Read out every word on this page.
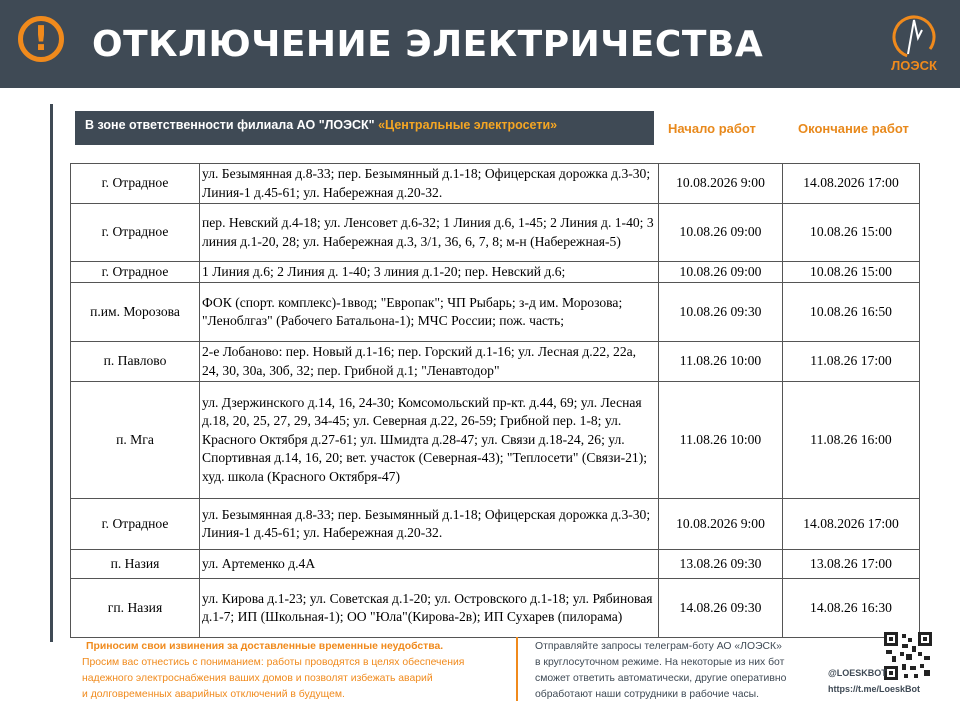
!	ОТКЛЮЧЕНИЕ ЭЛЕКТРИЧЕСТВА
ЛОЭСК
В зоне ответственности филиала АО "ЛОЭСК" «Центральные электросети»	Начало работ	Окончание работ
г. Отрадное	ул. Безымянная д.8-33; пер. Безымянный д.1-18; Офицерская дорожка д.3-30; Линия-1 д.45-61; ул. Набережная д.20-32.	10.08.2026 9:00	14.08.2026 17:00
г. Отрадное	пер. Невский д.4-18; ул. Ленсовет д.6-32; 1 Линия д.6, 1-45; 2 Линия д. 1-40; 3 линия д.1-20, 28; ул. Набережная д.3, 3/1, 36, 6, 7, 8; м-н (Набережная-5)	10.08.26 09:00	10.08.26 15:00
г. Отрадное	1 Линия д.6; 2 Линия д. 1-40; 3 линия д.1-20; пер. Невский д.6;	10.08.26 09:00	10.08.26 15:00
п.им. Морозова	ФОК (спорт. комплекс)-1ввод; "Европак"; ЧП Рыбарь; з-д им. Морозова; "Леноблгаз" (Рабочего Батальона-1); МЧС России; пож. часть;	10.08.26 09:30	10.08.26 16:50
п. Павлово	2-е Лобаново: пер. Новый д.1-16; пер. Горский д.1-16; ул. Лесная д.22, 22а, 24, 30, 30а, 30б, 32; пер. Грибной д.1; "Ленавтодор"	11.08.26 10:00	11.08.26 17:00
п. Мга	ул. Дзержинского д.14, 16, 24-30; Комсомольский пр-кт. д.44, 69; ул. Лесная д.18, 20, 25, 27, 29, 34-45; ул. Северная д.22, 26-59; Грибной пер. 1-8; ул. Красного Октября д.27-61; ул. Шмидта д.28-47; ул. Связи д.18-24, 26; ул. Спортивная д.14, 16, 20; вет. участок (Северная-43); "Теплосети" (Связи-21); худ. школа (Красного Октября-47)	11.08.26 10:00	11.08.26 16:00
г. Отрадное	ул. Безымянная д.8-33; пер. Безымянный д.1-18; Офицерская дорожка д.3-30; Линия-1 д.45-61; ул. Набережная д.20-32.	10.08.2026 9:00	14.08.2026 17:00
п. Назия	ул. Артеменко д.4А	13.08.26 09:30	13.08.26 17:00
гп. Назия	ул. Кирова д.1-23; ул. Советская д.1-20; ул. Островского д.1-18; ул. Рябиновая д.1-7; ИП (Школьная-1); ОО "Юла"(Кирова-2в); ИП Сухарев (пилорама)	14.08.26 09:30	14.08.26 16:30
Приносим свои извинения за доставленные временные неудобства.
Просим вас отнестись с пониманием: работы проводятся в целях обеспечения
надежного электроснабжения ваших домов и позволят избежать аварий
и долговременных аварийных отключений в будущем.
Отправляйте запросы телеграм-боту АО «ЛОЭСК»
в круглосуточном режиме. На некоторые из них бот
сможет ответить автоматически, другие оперативно
обработают наши сотрудники в рабочие часы.
@LOESKBOT
https://t.me/LoeskBot
